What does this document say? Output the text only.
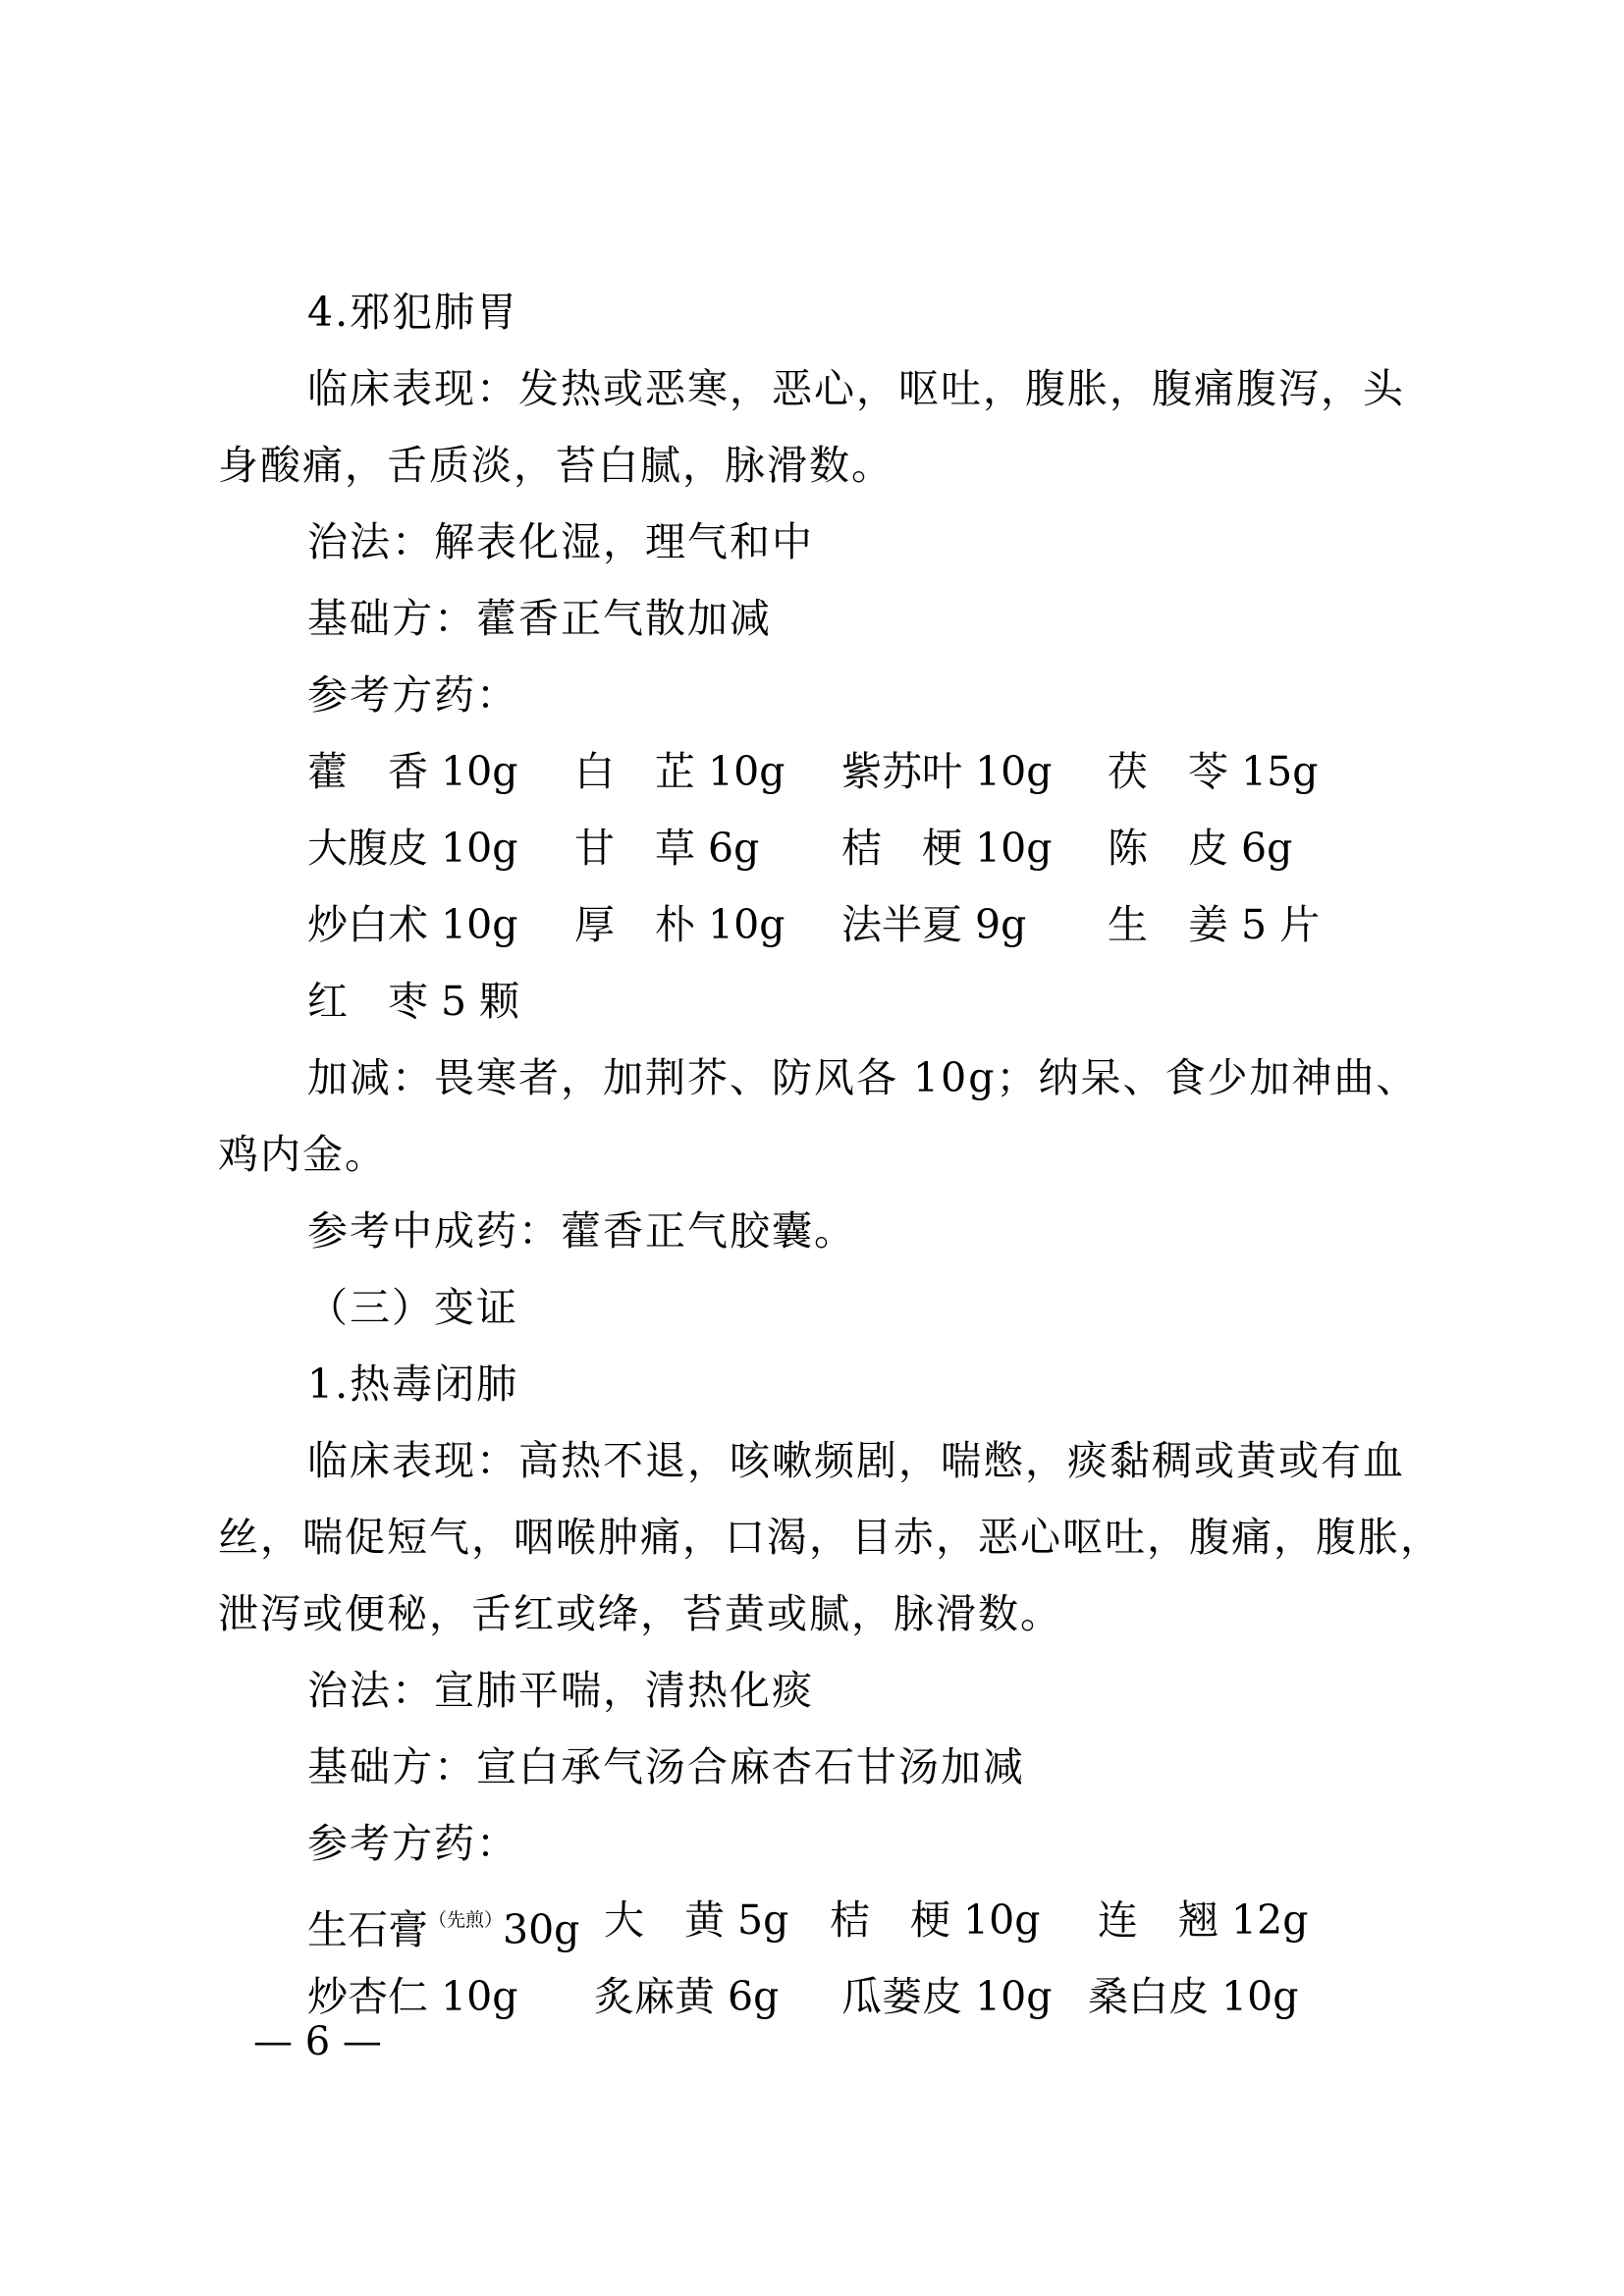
4.邪犯肺胃
临床表现：发热或恶寒，恶心，呕吐，腹胀，腹痛腹泻，头
身酸痛，舌质淡，苔白腻，脉滑数。
治法：解表化湿，理气和中
基础方：藿香正气散加减
参考方药：
藿　香 10g 白　芷 10g 紫苏叶 10g 茯　苓 15g
大腹皮 10g 甘　草 6g 桔　梗 10g 陈　皮 6g
炒白术 10g 厚　朴 10g 法半夏 9g 生　姜 5 片
红　枣 5 颗
加减：畏寒者，加荆芥、防风各 10g；纳呆、食少加神曲、
鸡内金。
参考中成药：藿香正气胶囊。
（三）变证
1.热毒闭肺
临床表现：高热不退，咳嗽频剧，喘憋，痰黏稠或黄或有血
丝，喘促短气，咽喉肿痛，口渴，目赤，恶心呕吐，腹痛，腹胀，
泄泻或便秘，舌红或绛，苔黄或腻，脉滑数。
治法：宣肺平喘，清热化痰
基础方：宣白承气汤合麻杏石甘汤加减
参考方药：
生石膏$^{(先煎)}$30g 大　黄 5g 桔　梗 10g 连　翘 12g
炒杏仁 10g 炙麻黄 6g 瓜蒌皮 10g 桑白皮 10g
— 6 —
